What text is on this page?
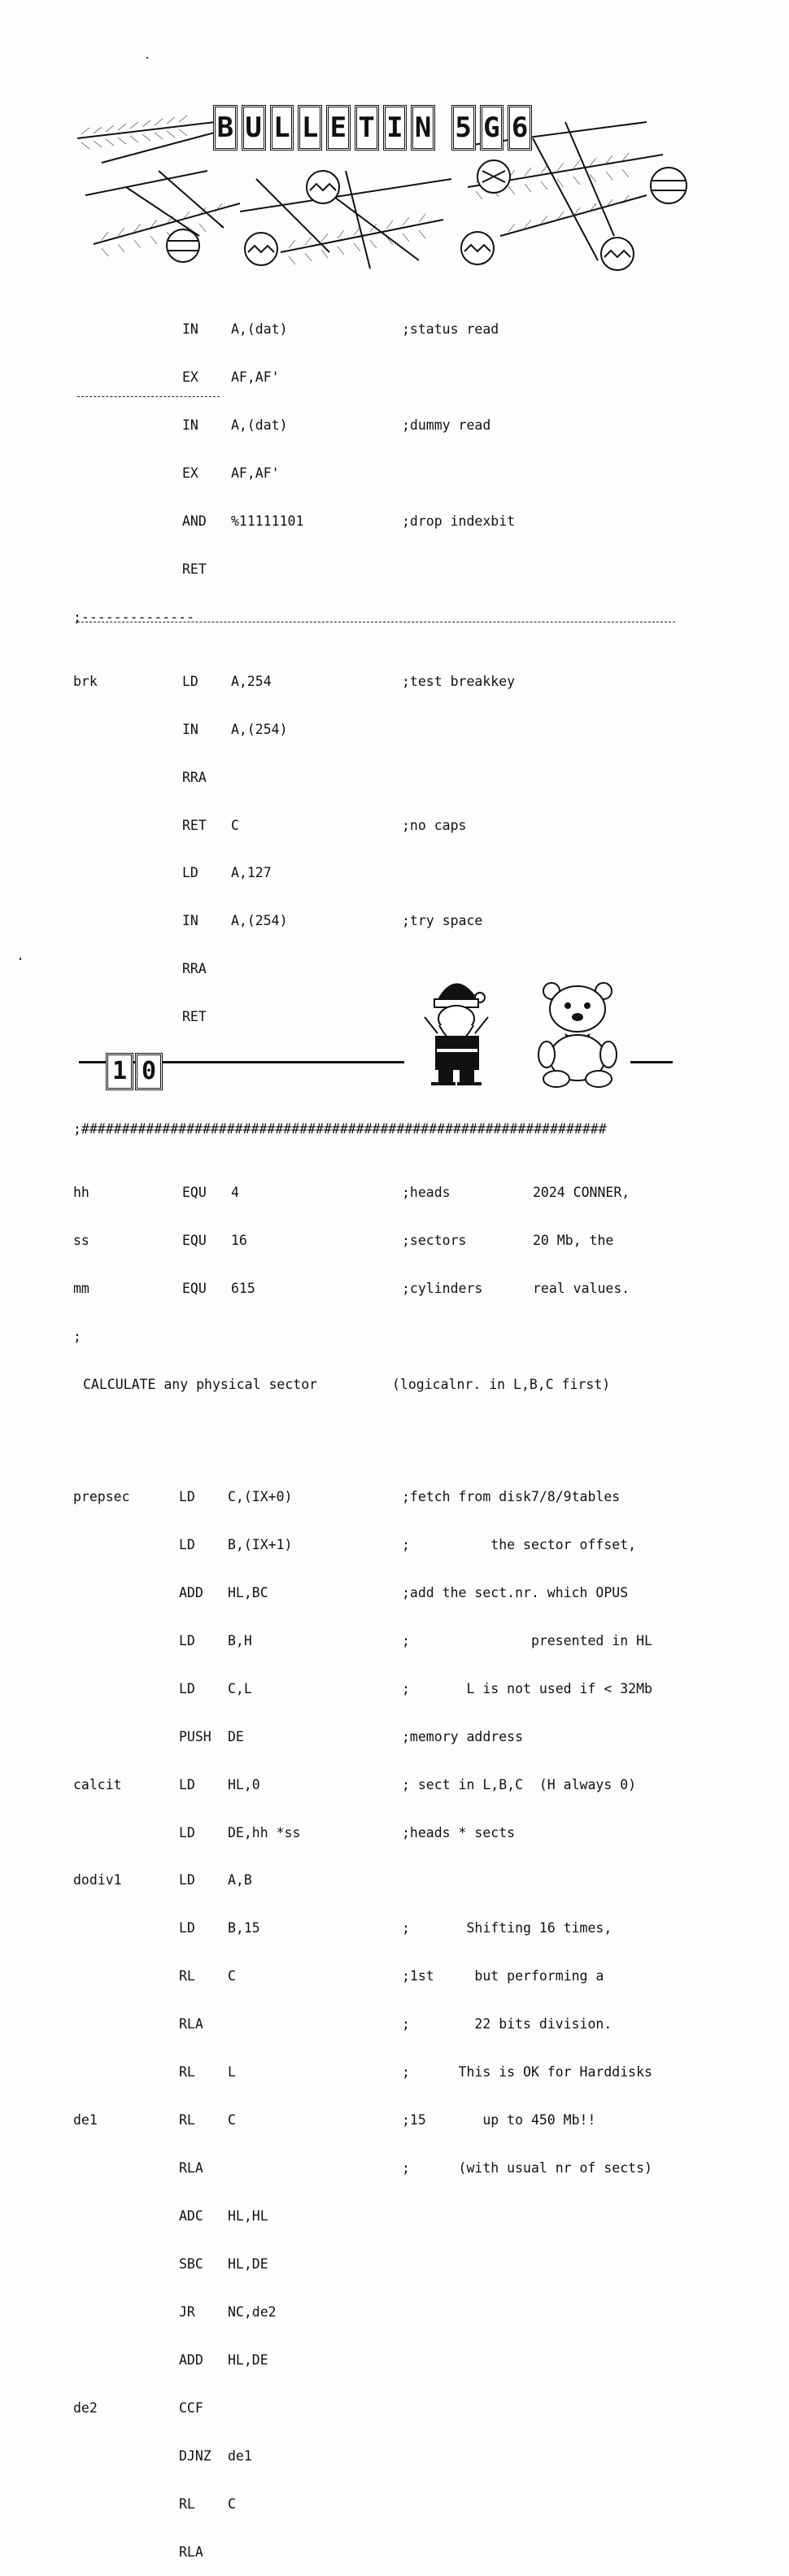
B U L L E T I N 5 G 6

IN A,(dat)	;status read

EX AF,AF'

IN A,(dat)	;dummy read

EX AF,AF'

AND %11111101	;drop indexbit

RET

;--------------

brk	LD A,254	;test breakkey

IN A,(254)

RRA

RET C	;no caps

LD A,127

IN A,(254)	;try space

RRA

RET

;#################################################################

hh	EQU 4	;heads	2024 CONNER,

ss	EQU 16	;sectors	20 Mb, the

mm	EQU 615	;cylinders	real values.

;

CALCULATE any physical sector	(logicalnr. in L,B,C first)

prepsec	LD C,(IX+0)	;fetch from disk7/8/9tables

LD B,(IX+1)	;          the sector offset,

ADD HL,BC	;add the sect.nr. which OPUS

LD B,H	;               presented in HL

LD C,L	;       L is not used if < 32Mb

PUSH DE	;memory address

calcit	LD HL,0	; sect in L,B,C  (H always 0)

LD DE,hh *ss	;heads * sects

dodiv1	LD A,B

LD B,15	;       Shifting 16 times,

RL C	;1st     but performing a

RLA	;        22 bits division.

RL L	;      This is OK for Harddisks

de1	RL C	;15       up to 450 Mb!!

RLA	;      (with usual nr of sects)

ADC HL,HL

SBC HL,DE

JR NC,de2

ADD HL,DE

de2	CCF

DJNZ de1

RL C

RLA

1 0
